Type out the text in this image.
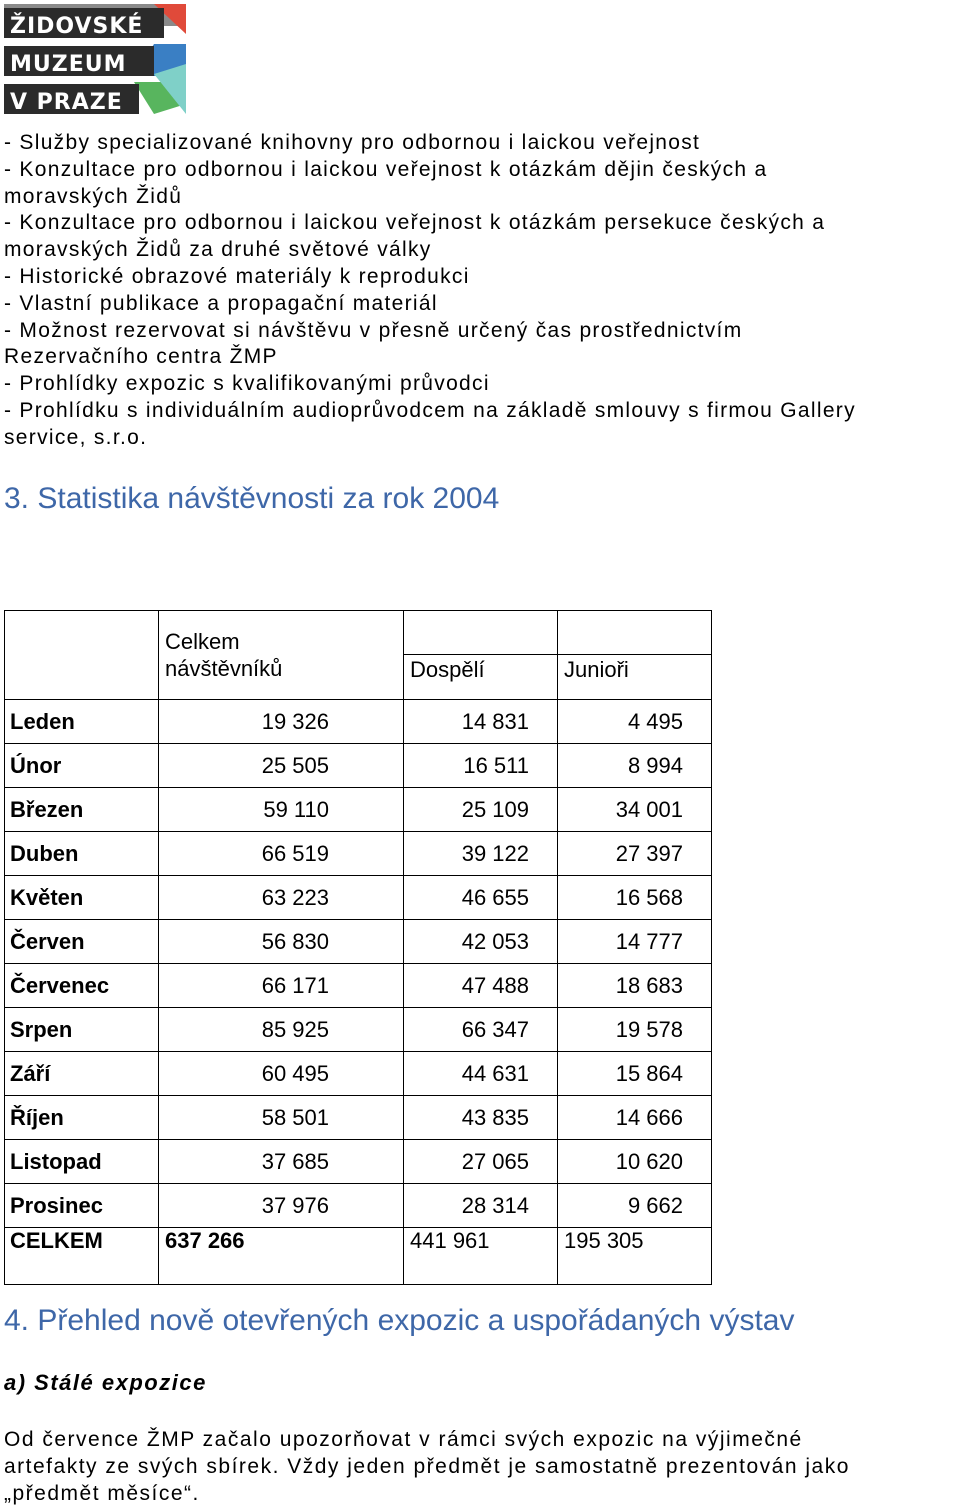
ŽIDOVSKÉ
MUZEUM
V PRAZE
- Služby specializované knihovny pro odbornou i laickou veřejnost
- Konzultace pro odbornou i laickou veřejnost k otázkám dějin českých a
moravských Židů
- Konzultace pro odbornou i laickou veřejnost k otázkám persekuce českých a
moravských Židů za druhé světové války
- Historické obrazové materiály k reprodukci
- Vlastní publikace a propagační materiál
- Možnost rezervovat si návštěvu v přesně určený čas prostřednictvím
Rezervačního centra ŽMP
- Prohlídky expozic s kvalifikovanými průvodci
- Prohlídku s individuálním audioprůvodcem na základě smlouvy s firmou Gallery
service, s.r.o.
3. Statistika návštěvnosti za rok 2004

	Celkem
návštěvníků	Dospělí	Junioři

Leden	19 326	14 831	4 495
Únor	25 505	16 511	8 994
Březen	59 110	25 109	34 001
Duben	66 519	39 122	27 397
Květen	63 223	46 655	16 568
Červen	56 830	42 053	14 777
Červenec	66 171	47 488	18 683
Srpen	85 925	66 347	19 578
Září	60 495	44 631	15 864
Říjen	58 501	43 835	14 666
Listopad	37 685	27 065	10 620
Prosinec	37 976	28 314	9 662
CELKEM	637 266	441 961	195 305
4. Přehled nově otevřených expozic a uspořádaných výstav
a) Stálé expozice
Od července ŽMP začalo upozorňovat v rámci svých expozic na výjimečné
artefakty ze svých sbírek. Vždy jeden předmět je samostatně prezentován jako
„předmět měsíce“.
